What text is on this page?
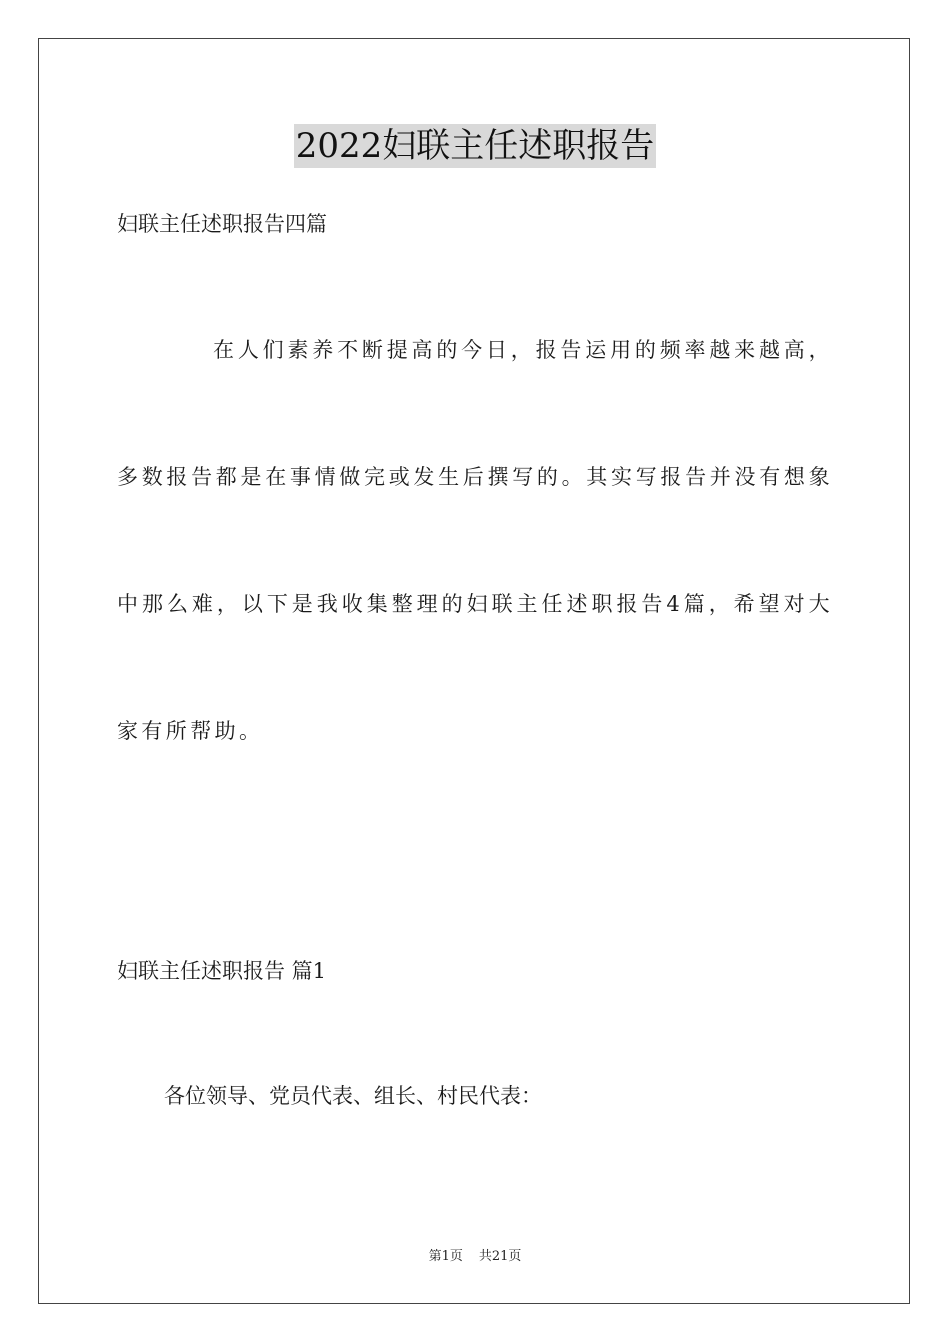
2022妇联主任述职报告
妇联主任述职报告四篇
在人们素养不断提高的今日，报告运用的频率越来越高，多数报告都是在事情做完或发生后撰写的。其实写报告并没有想象中那么难，以下是我收集整理的妇联主任述职报告4篇，希望对大家有所帮助。
妇联主任述职报告 篇1
各位领导、党员代表、组长、村民代表：
第1页 共21页
